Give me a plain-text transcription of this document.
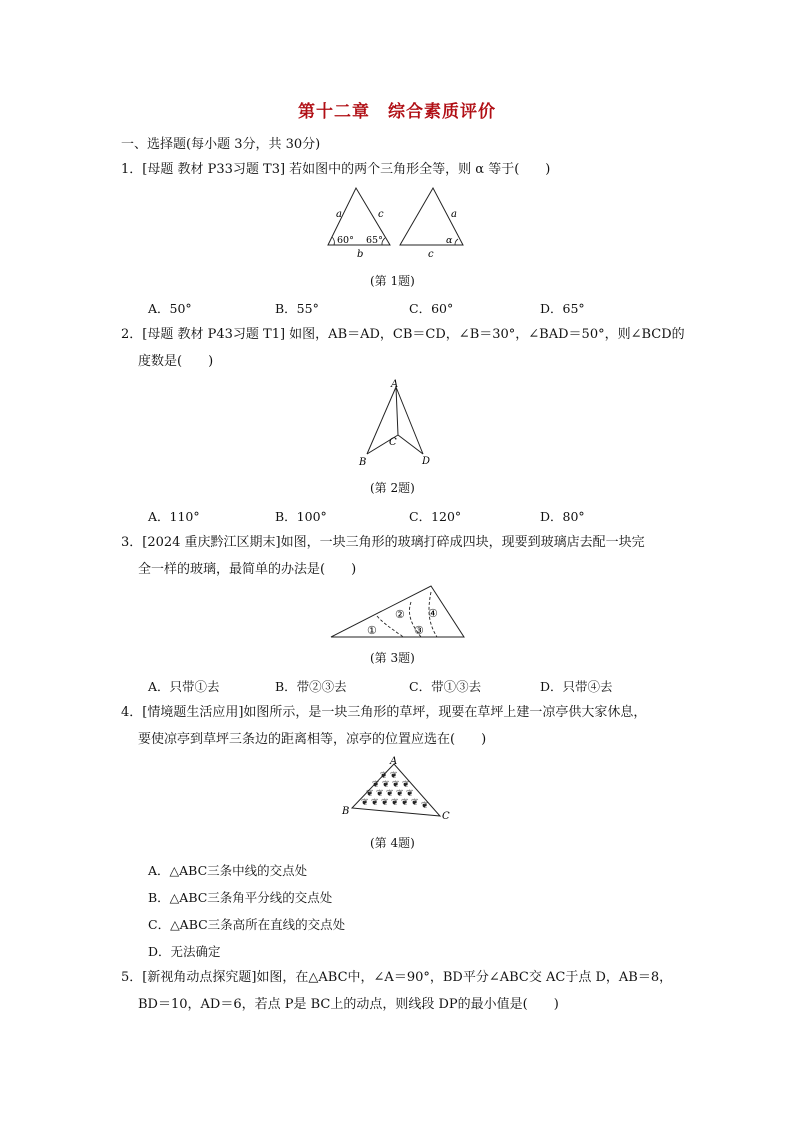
第十二章　综合素质评价
一、选择题(每小题 3分，共 30分)
1．[母题 教材 P33习题 T3] 若如图中的两个三角形全等，则 α 等于(　　)
a	c
b
60° 65°
a
c
α
(第 1题)
A．50°	B．55°	C．60°	D．65°
2．[母题 教材 P43习题 T1] 如图，AB＝AD，CB＝CD，∠B＝30°，∠BAD＝50°，则∠BCD的
度数是(　　)
A
B
C
D
(第 2题)
A．110°	B．100°	C．120°	D．80°
3．[2024 重庆黔江区期末]如图，一块三角形的玻璃打碎成四块，现要到玻璃店去配一块完
全一样的玻璃，最简单的办法是(　　)
①
②
③
④
(第 3题)
A．只带①去	B．带②③去	C．带①③去	D．只带④去
4．[情境题生活应用]如图所示，是一块三角形的草坪，现要在草坪上建一凉亭供大家休息，
要使凉亭到草坪三条边的距离相等，凉亭的位置应选在(　　)
❦ ❦
❦ ❦ ❦ ❦
❦ ❦ ❦ ❦ ❦
❦ ❦ ❦ ❦ ❦ ❦ ❦
A
B	C
(第 4题)
A．△ABC三条中线的交点处
B．△ABC三条角平分线的交点处
C．△ABC三条高所在直线的交点处
D．无法确定
5．[新视角动点探究题]如图，在△ABC中，∠A＝90°，BD平分∠ABC交 AC于点 D，AB＝8，
BD＝10，AD＝6，若点 P是 BC上的动点，则线段 DP的最小值是(　　)
